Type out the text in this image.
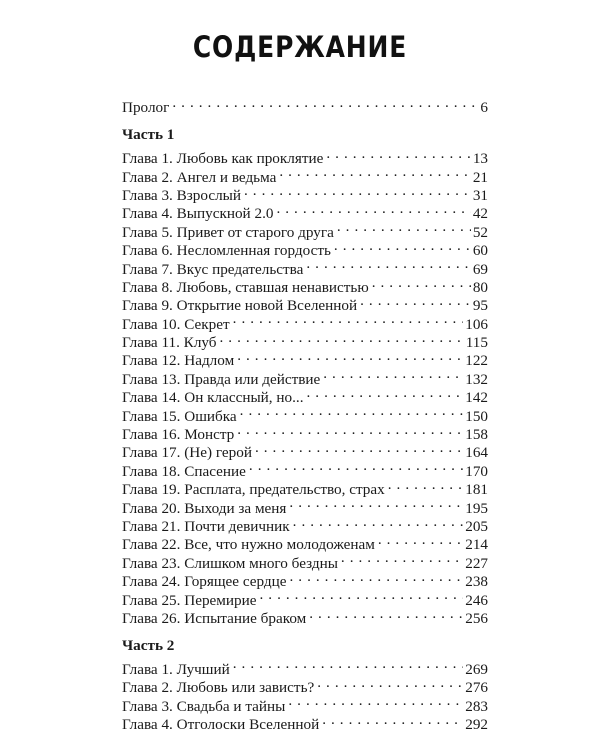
СОДЕРЖАНИЕ
Пролог . . .	6
Часть 1
Глава 1. Любовь как проклятие . . .	13
Глава 2. Ангел и ведьма . . .	21
Глава 3. Взрослый . . .	31
Глава 4. Выпускной 2.0 . . .	42
Глава 5. Привет от старого друга . . .	52
Глава 6. Несломленная гордость . . .	60
Глава 7. Вкус предательства . . .	69
Глава 8. Любовь, ставшая ненавистью . . .	80
Глава 9. Открытие новой Вселенной . . .	95
Глава 10. Секрет . . .	106
Глава 11. Клуб . . .	115
Глава 12. Надлом . . .	122
Глава 13. Правда или действие . . .	132
Глава 14. Он классный, но... . . .	142
Глава 15. Ошибка . . .	150
Глава 16. Монстр . . .	158
Глава 17. (Не) герой . . .	164
Глава 18. Спасение . . .	170
Глава 19. Расплата, предательство, страх . . .	181
Глава 20. Выходи за меня . . .	195
Глава 21. Почти девичник . . .	205
Глава 22. Все, что нужно молодоженам . . .	214
Глава 23. Слишком много бездны . . .	227
Глава 24. Горящее сердце . . .	238
Глава 25. Перемирие . . .	246
Глава 26. Испытание браком . . .	256
Часть 2
Глава 1. Лучший . . .	269
Глава 2. Любовь или зависть? . . .	276
Глава 3. Свадьба и тайны . . .	283
Глава 4. Отголоски Вселенной . . .	292
